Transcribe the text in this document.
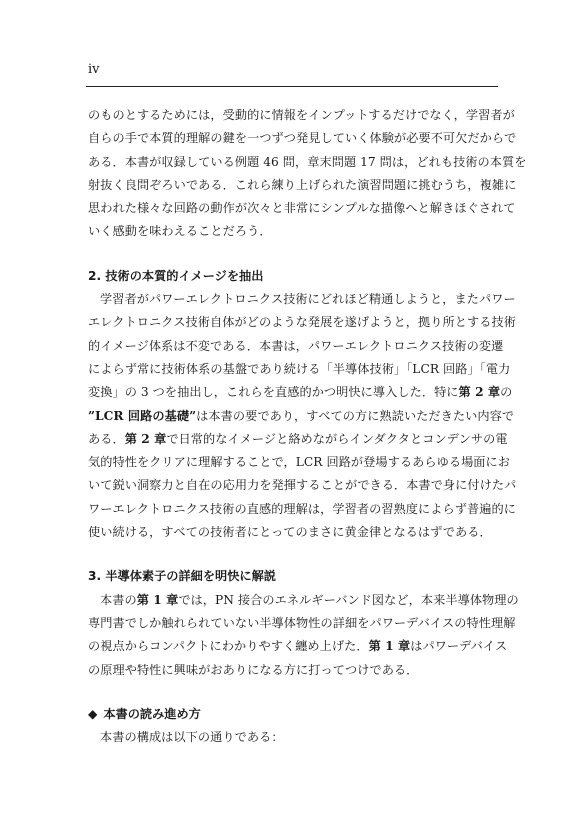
iv
のものとするためには，受動的に情報をインプットするだけでなく，学習者が
自らの手で本質的理解の鍵を一つずつ発見していく体験が必要不可欠だからで
ある．本書が収録している例題 46 問，章末問題 17 問は，どれも技術の本質を
射抜く良問ぞろいである．これら練り上げられた演習問題に挑むうち，複雑に
思われた様々な回路の動作が次々と非常にシンプルな描像へと解きほぐされて
いく感動を味わえることだろう．
2. 技術の本質的イメージを抽出
学習者がパワーエレクトロニクス技術にどれほど精通しようと，またパワー
エレクトロニクス技術自体がどのような発展を遂げようと，拠り所とする技術
的イメージ体系は不変である．本書は，パワーエレクトロニクス技術の変遷
によらず常に技術体系の基盤であり続ける「半導体技術」「LCR 回路」「電力
変換」の 3 つを抽出し，これらを直感的かつ明快に導入した．特に第 2 章の
”LCR 回路の基礎”は本書の要であり，すべての方に熟読いただきたい内容で
ある．第 2 章で日常的なイメージと絡めながらインダクタとコンデンサの電
気的特性をクリアに理解することで，LCR 回路が登場するあらゆる場面にお
いて鋭い洞察力と自在の応用力を発揮することができる．本書で身に付けたパ
ワーエレクトロニクス技術の直感的理解は，学習者の習熟度によらず普遍的に
使い続ける，すべての技術者にとってのまさに黄金律となるはずである．
3. 半導体素子の詳細を明快に解説
本書の第 1 章では，PN 接合のエネルギーバンド図など，本来半導体物理の
専門書でしか触れられていない半導体物性の詳細をパワーデバイスの特性理解
の視点からコンパクトにわかりやすく纏め上げた．第 1 章はパワーデバイス
の原理や特性に興味がおありになる方に打ってつけである．
◆ 本書の読み進め方
本書の構成は以下の通りである：
